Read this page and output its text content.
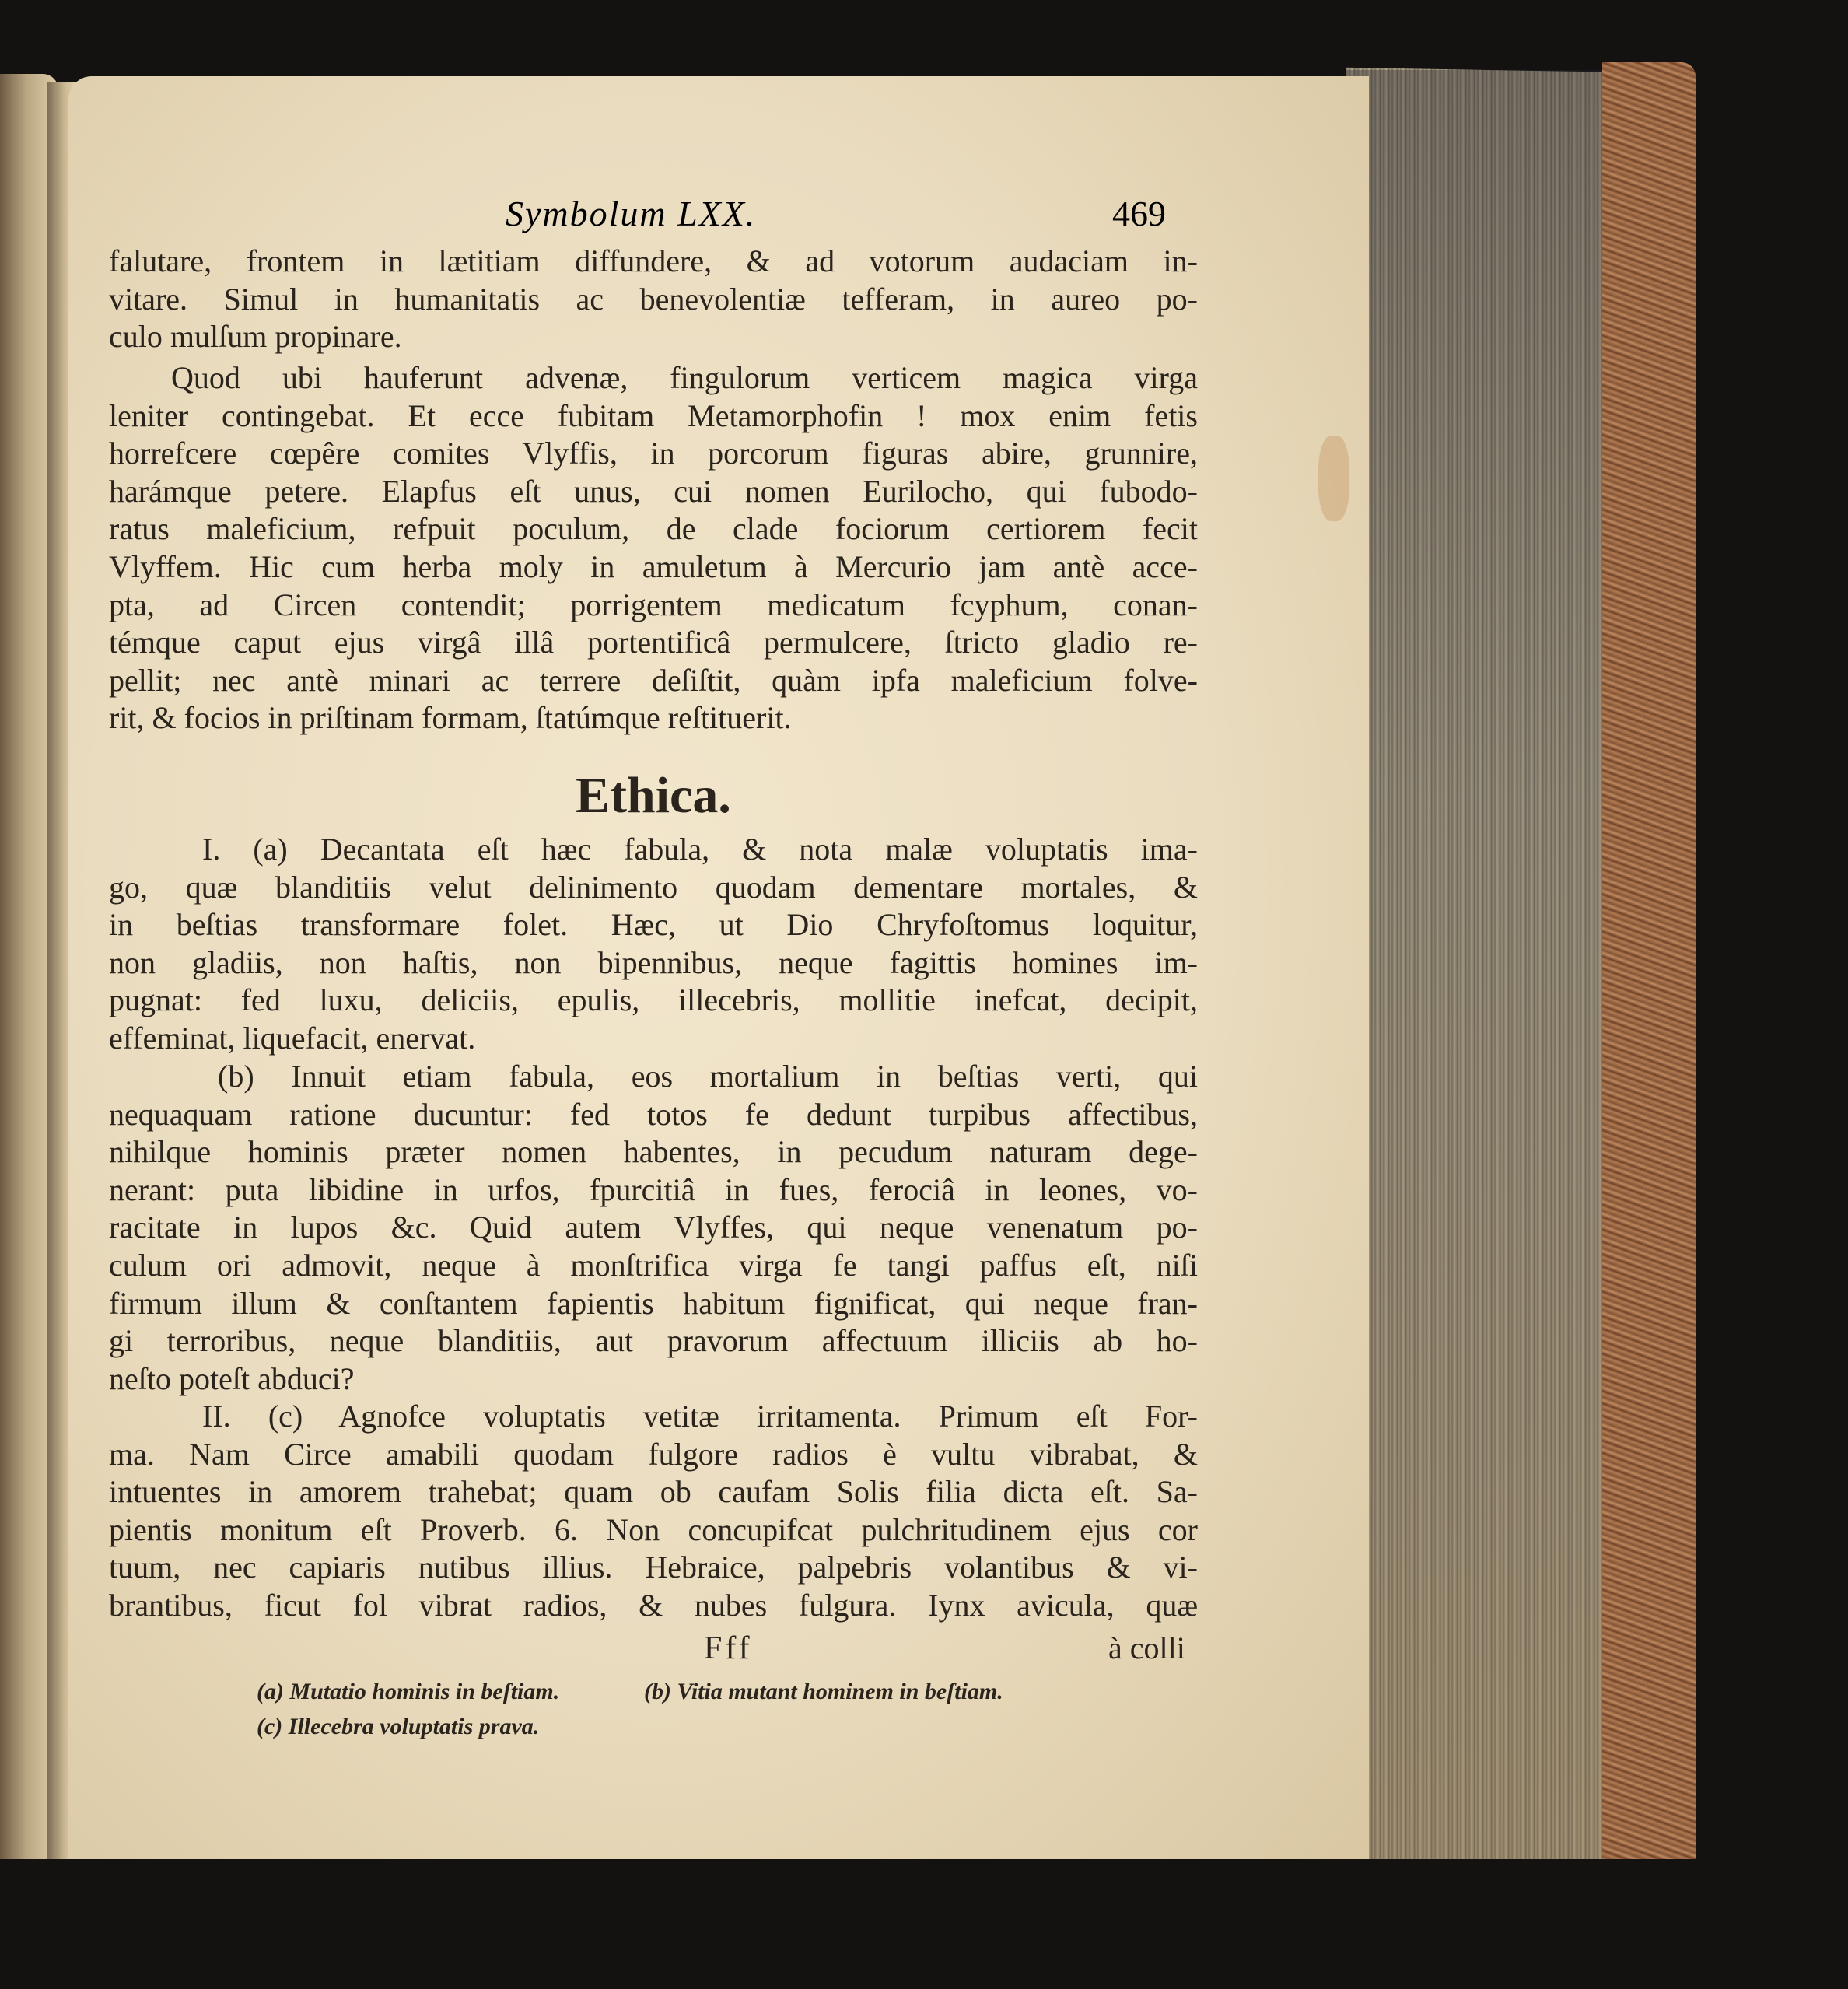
Symbolum LXX.	469
falutare, frontem in lætitiam diffundere, & ad votorum audaciam in-
vitare. Simul in humanitatis ac benevolentiæ tefferam, in aureo po-
culo mulſum propinare.
Quod ubi hauferunt advenæ, fingulorum verticem magica virga
leniter contingebat. Et ecce fubitam Metamorphofin ! mox enim fetis
horrefcere cœpêre comites Vlyffis, in porcorum figuras abire, grunnire,
harámque petere. Elapfus eſt unus, cui nomen Eurilocho, qui fubodo-
ratus maleficium, refpuit poculum, de clade fociorum certiorem fecit
Vlyffem. Hic cum herba moly in amuletum à Mercurio jam antè acce-
pta, ad Circen contendit; porrigentem medicatum fcyphum, conan-
témque caput ejus virgâ illâ portentificâ permulcere, ſtricto gladio re-
pellit; nec antè minari ac terrere deſiſtit, quàm ipfa maleficium folve-
rit, & focios in priſtinam formam, ſtatúmque reſtituerit.
Ethica.
I. (a) Decantata eſt hæc fabula, & nota malæ voluptatis ima-
go, quæ blanditiis velut delinimento quodam dementare mortales, &
in beſtias transformare folet. Hæc, ut Dio Chryfoſtomus loquitur,
non gladiis, non haſtis, non bipennibus, neque fagittis homines im-
pugnat: fed luxu, deliciis, epulis, illecebris, mollitie inefcat, decipit,
effeminat, liquefacit, enervat.
(b) Innuit etiam fabula, eos mortalium in beſtias verti, qui
nequaquam ratione ducuntur: fed totos fe dedunt turpibus affectibus,
nihilque hominis præter nomen habentes, in pecudum naturam dege-
nerant: puta libidine in urfos, fpurcitiâ in fues, ferociâ in leones, vo-
racitate in lupos &c. Quid autem Vlyffes, qui neque venenatum po-
culum ori admovit, neque à monſtrifica virga fe tangi paffus eſt, niſi
firmum illum & conſtantem fapientis habitum fignificat, qui neque fran-
gi terroribus, neque blanditiis, aut pravorum affectuum illiciis ab ho-
neſto poteſt abduci?
II. (c) Agnofce voluptatis vetitæ irritamenta. Primum eſt For-
ma. Nam Circe amabili quodam fulgore radios è vultu vibrabat, &
intuentes in amorem trahebat; quam ob caufam Solis filia dicta eſt. Sa-
pientis monitum eſt Proverb. 6. Non concupifcat pulchritudinem ejus cor
tuum, nec capiaris nutibus illius. Hebraice, palpebris volantibus & vi-
brantibus, ficut fol vibrat radios, & nubes fulgura. Iynx avicula, quæ
Fff	à colli
(a) Mutatio hominis in beſtiam.	(b) Vitia mutant hominem in beſtiam.
(c) Illecebra voluptatis prava.
